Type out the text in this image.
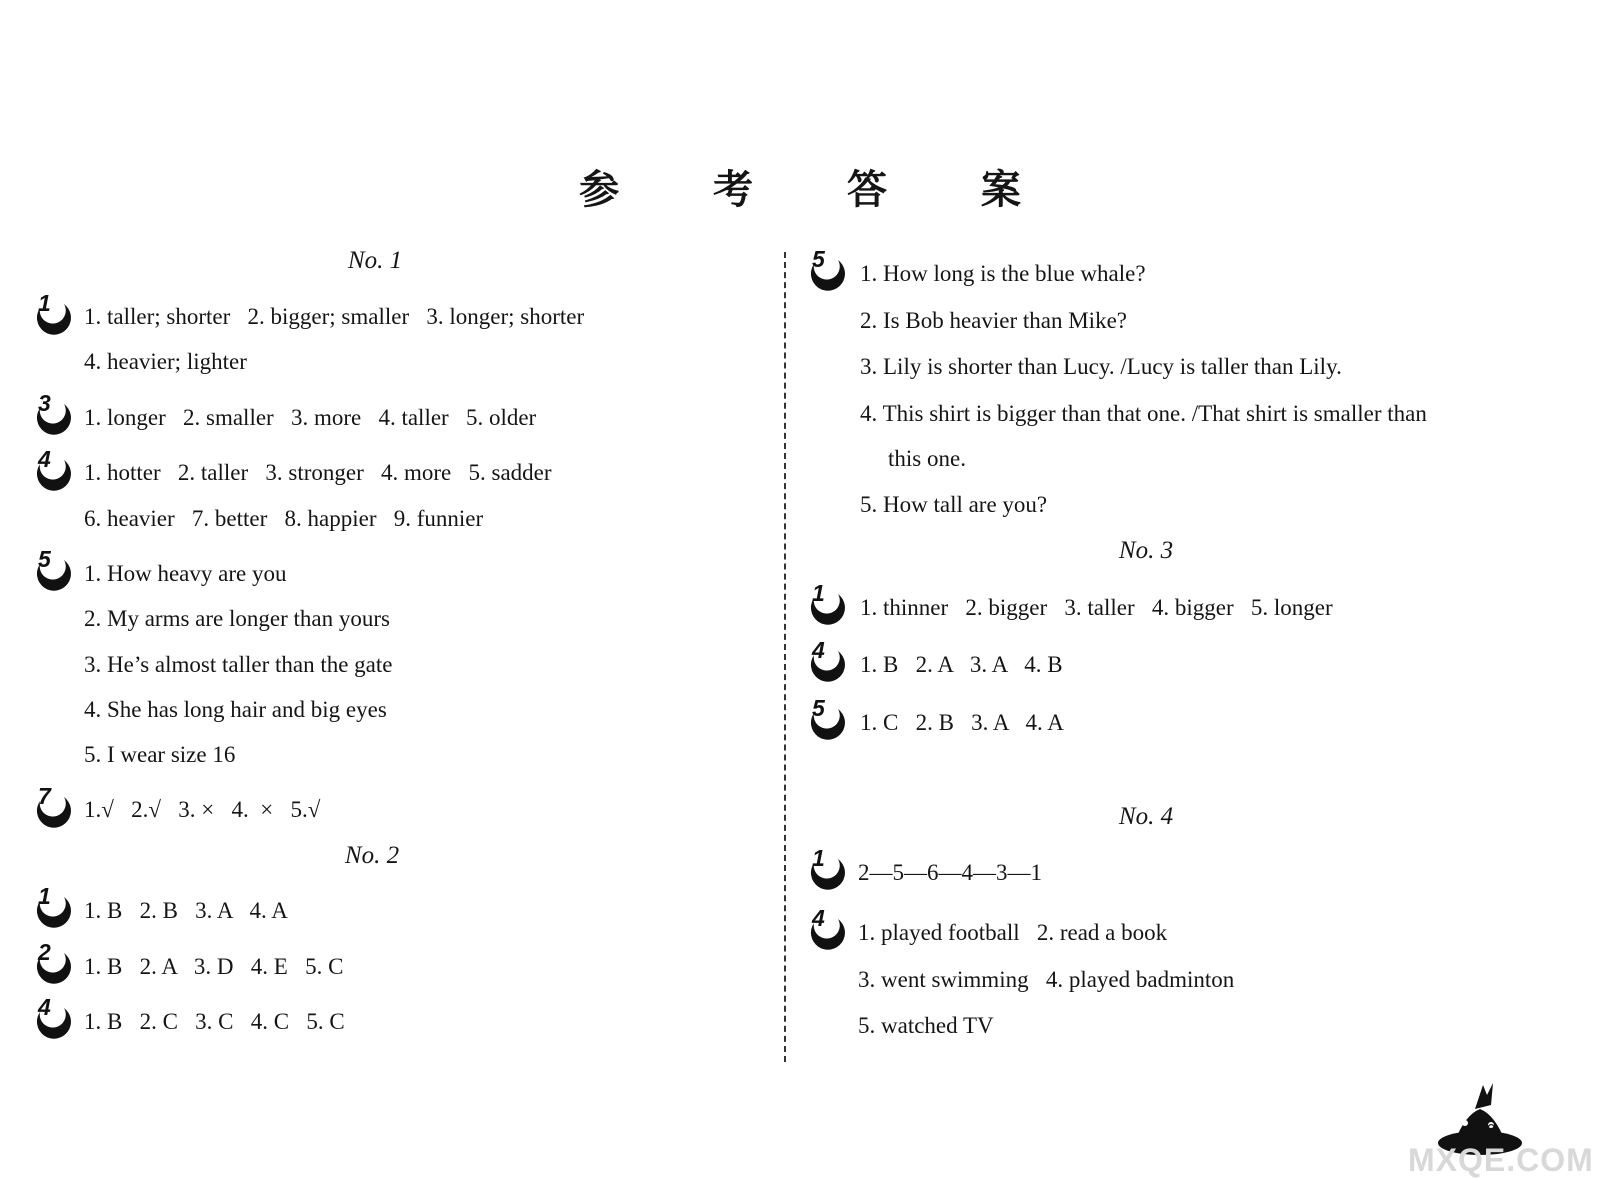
参 考 答 案
No. 1
1
1. taller; shorter   2. bigger; smaller   3. longer; shorter
4. heavier; lighter
3
1. longer   2. smaller   3. more   4. taller   5. older
4
1. hotter   2. taller   3. stronger   4. more   5. sadder
6. heavier   7. better   8. happier   9. funnier
5
1. How heavy are you
2. My arms are longer than yours
3. He’s almost taller than the gate
4. She has long hair and big eyes
5. I wear size 16
7
1.√   2.√   3. ×   4.  ×   5.√
No. 2
1
1. B   2. B   3. A   4. A
2
1. B   2. A   3. D   4. E   5. C
4
1. B   2. C   3. C   4. C   5. C
5
1. How long is the blue whale?
2. Is Bob heavier than Mike?
3. Lily is shorter than Lucy. /Lucy is taller than Lily.
4. This shirt is bigger than that one. /That shirt is smaller than
this one.
5. How tall are you?
No. 3
1
1. thinner   2. bigger   3. taller   4. bigger   5. longer
4
1. B   2. A   3. A   4. B
5
1. C   2. B   3. A   4. A
No. 4
1
2—5—6—4—3—1
4
1. played football   2. read a book
3. went swimming   4. played badminton
5. watched TV
49
MXQE.COM
